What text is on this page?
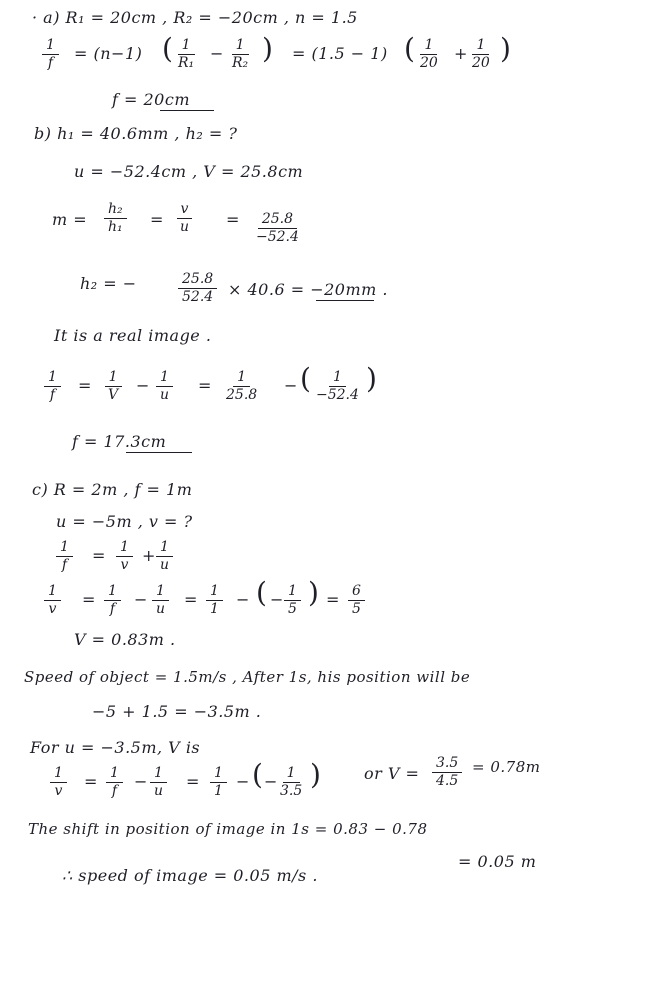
· a) R₁ = 20cm , R₂ = −20cm , n = 1.5
$\frac{1}{f} = (n-1)$ ( $\frac{1}{\text{R₁}} - \frac{1}{\text{R₂}}$ ) = (1.5 − 1) ( $\frac{1}{20} + \frac{1}{20}$ )
f = 20cm
b) h₁ = 40.6mm , h₂ = ?
u = −52.4cm , V = 25.8cm
$m = \frac{\text{h₂}}{\text{h₁}} = \frac{v}{u} = \frac{25.8}{-52.4}$
h₂ = −	$\frac{25.8}{52.4} \times 40.6 = -20mm$ .
It is a real image .
$\frac{1}{f} = \frac{1}{V} - \frac{1}{u} = \frac{1}{25.8}$ − ( $\frac{1}{-52.4}$ )
f = 17.3cm
c) R = 2m , f = 1m
u = −5m , v = ?
$\frac{1}{f} = \frac{1}{v} + \frac{1}{u}$
$\frac{1}{v} = \frac{1}{f} - \frac{1}{u} = \frac{1}{1}$ − ( − $\frac{1}{5}$ ) = $\frac{6}{5}$
V = 0.83m .
Speed of object = 1.5m/s , After 1s, his position will be
−5 + 1.5 = −3.5m .
For u = −3.5m, V is
$\frac{1}{v} = \frac{1}{f} - \frac{1}{u} = \frac{1}{1}$ − ( −
$\frac{1}{3.5}$ )	or $V = \frac{3.5}{4.5} = 0.78m$
The shift in position of image in 1s = 0.83 − 0.78
= 0.05 m
∴ speed of image = 0.05 m/s .
